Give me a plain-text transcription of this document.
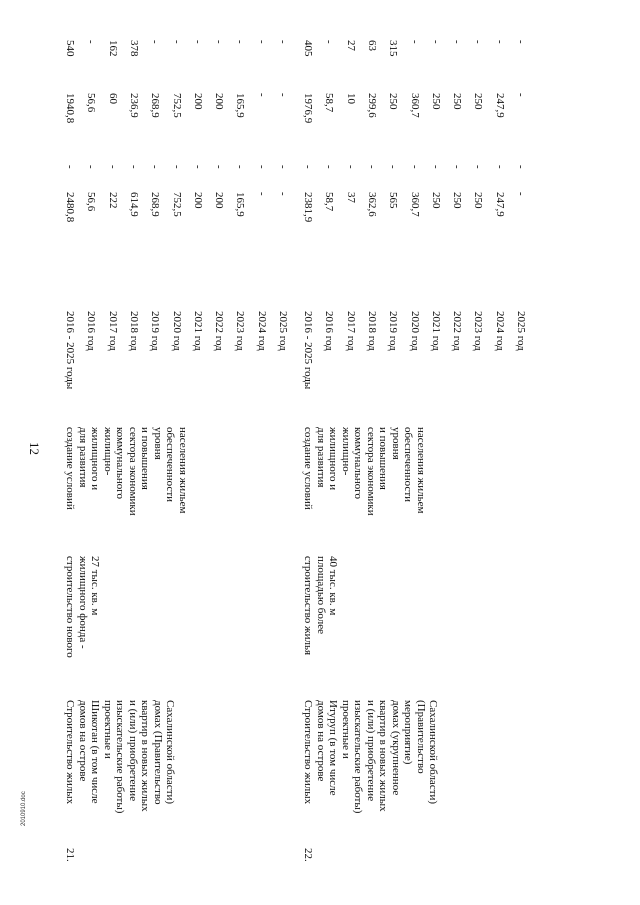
12
2010910.doc
21.
Строительство жилых домов на острове Шикотан (в том числе проектные и изыскательские работы) и (или) приобретение квартир в новых жилых домах (Правительство Сахалинской области)
строительство нового жилищного фонда - 27 тыс. кв. м
создание условий для развития жилищного и жилищно- коммунального сектора экономики и повышения уровня обеспеченности населения жильем
2016 - 2025 годы 2016 год 2017 год 2018 год 2019 год 2020 год 2021 год 2022 год 2023 год 2024 год 2025 год
2480,8 56,6 222 614,9 268,9 752,5 200 200 165,9 - -
- - - - - - - - - - -
1940,8 56,6 60 236,9 268,9 752,5 200 200 165,9 - -
540 - 162 378 - - - - - - -
22.
Строительство жилых домов на острове Итуруп (в том числе проектные и изыскательские работы) и (или) приобретение квартир в новых жилых домах (укрупненное мероприятие) (Правительство Сахалинской области)
строительство жилья площадью более 40 тыс. кв. м
создание условий для развития жилищного и жилищно- коммунального сектора экономики и повышения уровня обеспеченности населения жильем
2016 - 2025 годы 2016 год 2017 год 2018 год 2019 год 2020 год 2021 год 2022 год 2023 год 2024 год 2025 год
2381,9 58,7 37 362,6 565 360,7 250 250 250 247,9 -
- - - - - - - - - - -
1976,9 58,7 10 299,6 250 360,7 250 250 250 247,9 -
405 - 27 63 315 - - - - - -
